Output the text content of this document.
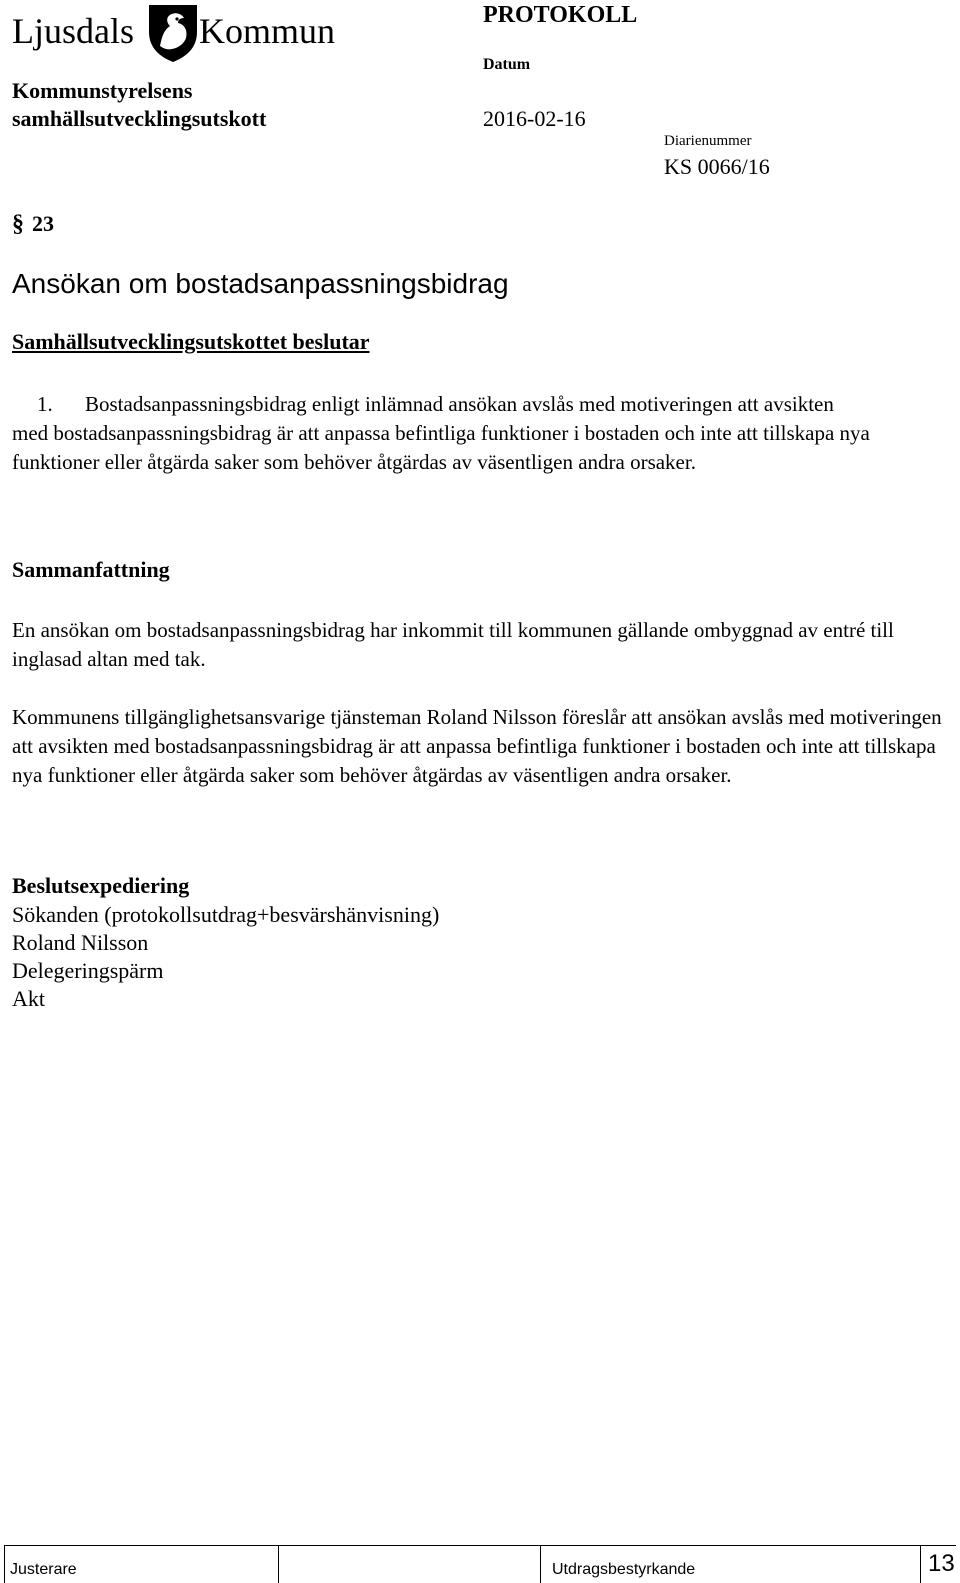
Ljusdals Kommun	PROTOKOLL
Kommunstyrelsens
samhällsutvecklingsutskott
Datum
2016-02-16
Diarienummer
KS 0066/16
§ 23
Ansökan om bostadsanpassningsbidrag
Samhällsutvecklingsutskottet beslutar
1. Bostadsanpassningsbidrag enligt inlämnad ansökan avslås med motiveringen att avsikten
med bostadsanpassningsbidrag är att anpassa befintliga funktioner i bostaden och inte att tillskapa nya funktioner eller åtgärda saker som behöver åtgärdas av väsentligen andra orsaker.
Sammanfattning
En ansökan om bostadsanpassningsbidrag har inkommit till kommunen gällande ombyggnad av entré till inglasad altan med tak.
Kommunens tillgänglighetsansvarige tjänsteman Roland Nilsson föreslår att ansökan avslås med motiveringen att avsikten med bostadsanpassningsbidrag är att anpassa befintliga funktioner i bostaden och inte att tillskapa nya funktioner eller åtgärda saker som behöver åtgärdas av väsentligen andra orsaker.
Beslutsexpediering
Sökanden (protokollsutdrag+besvärshänvisning)
Roland Nilsson
Delegeringspärm
Akt
Justerare	Utdragsbestyrkande	13
